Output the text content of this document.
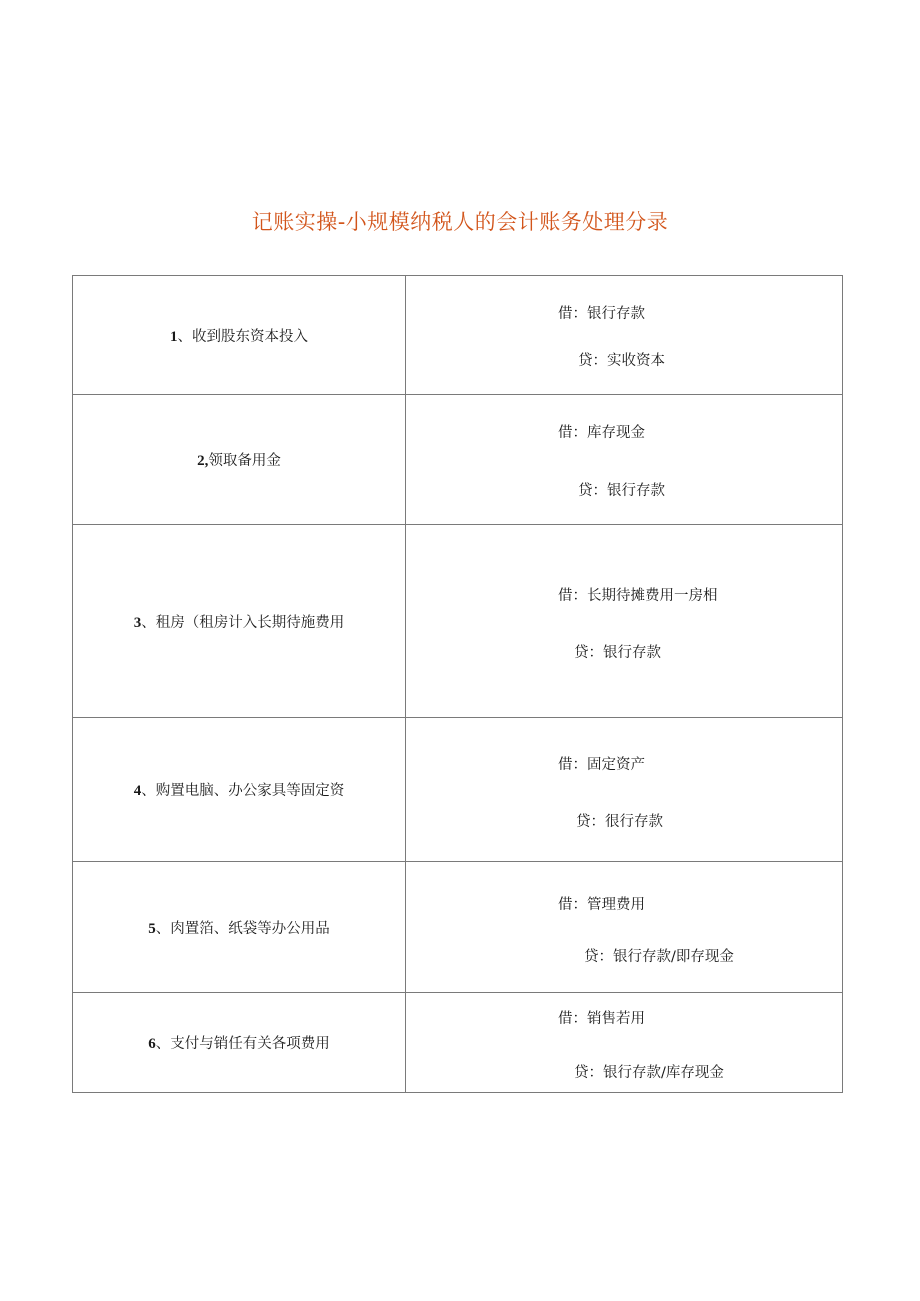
记账实操-小规模纳税人的会计账务处理分录
1、收到股东资本投入	借：银行存款
贷：实收资本

2,领取备用金	借：库存现金
贷：银行存款

3、租房（租房计入长期待施费用	借：长期待摊费用一房相
贷：银行存款

4、购置电脑、办公家具等固定资	借：固定资产
贷：很行存款

5、肉置箔、纸袋等办公用品	借：管理费用
贷：银行存款/即存现金

6、支付与销任有关各项费用	借：销售若用
贷：银行存款/库存现金
